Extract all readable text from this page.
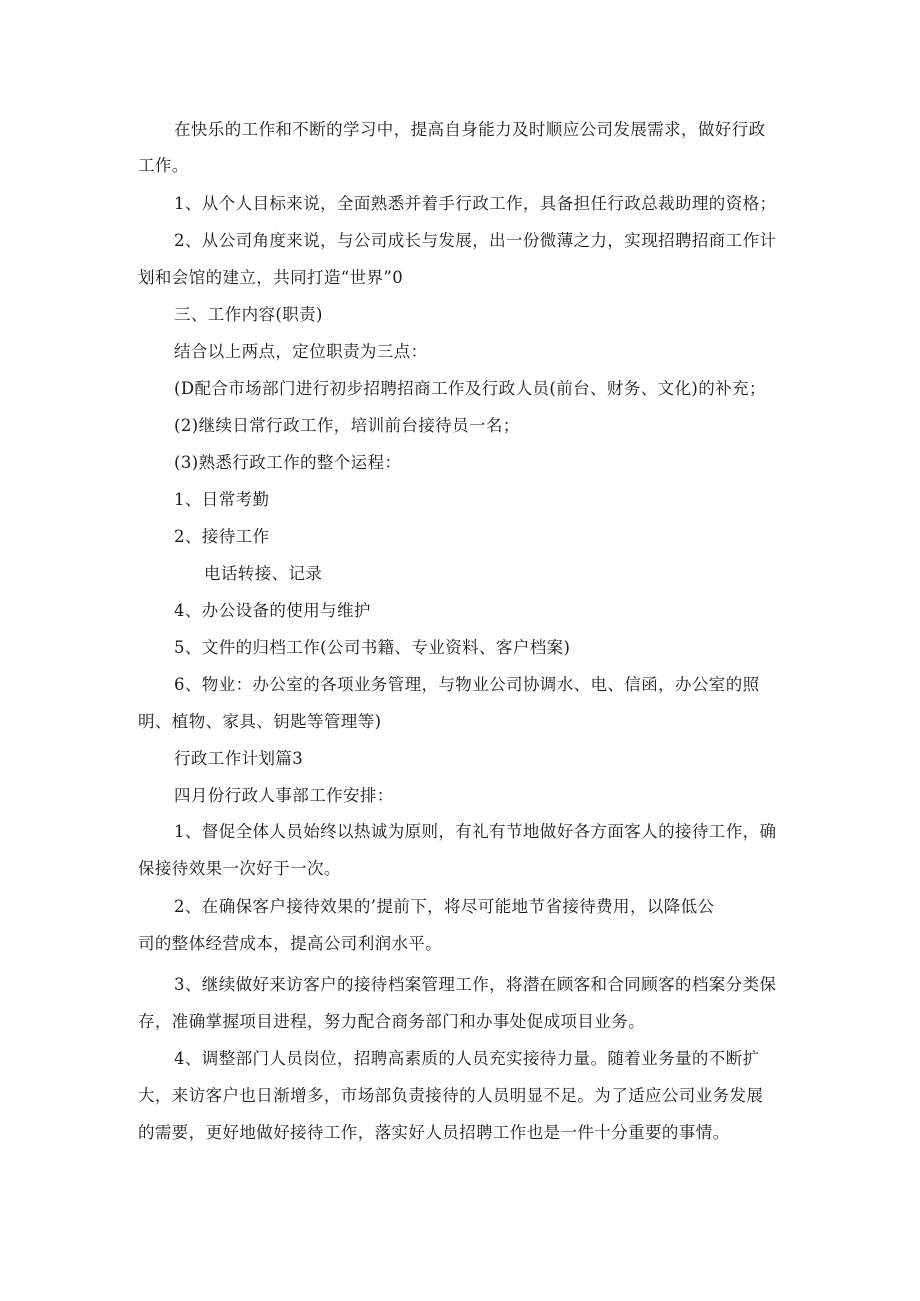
在快乐的工作和不断的学习中，提高自身能力及时顺应公司发展需求，做好行政
工作。
1、从个人目标来说，全面熟悉并着手行政工作，具备担任行政总裁助理的资格；
2、从公司角度来说，与公司成长与发展，出一份微薄之力，实现招聘招商工作计
划和会馆的建立，共同打造“世界”0
三、工作内容(职责)
结合以上两点，定位职责为三点：
(D配合市场部门进行初步招聘招商工作及行政人员(前台、财务、文化)的补充；
(2)继续日常行政工作，培训前台接待员一名；
(3)熟悉行政工作的整个运程：
1、日常考勤
2、接待工作
电话转接、记录
4、办公设备的使用与维护
5、文件的归档工作(公司书籍、专业资料、客户档案)
6、物业：办公室的各项业务管理，与物业公司协调水、电、信函，办公室的照
明、植物、家具、钥匙等管理等)
行政工作计划篇3
四月份行政人事部工作安排：
1、督促全体人员始终以热诚为原则，有礼有节地做好各方面客人的接待工作，确
保接待效果一次好于一次。
2、在确保客户接待效果的’提前下，将尽可能地节省接待费用，以降低公
司的整体经营成本，提高公司利润水平。
3、继续做好来访客户的接待档案管理工作，将潜在顾客和合同顾客的档案分类保
存，准确掌握项目进程，努力配合商务部门和办事处促成项目业务。
4、调整部门人员岗位，招聘高素质的人员充实接待力量。随着业务量的不断扩
大，来访客户也日渐增多，市场部负责接待的人员明显不足。为了适应公司业务发展
的需要，更好地做好接待工作，落实好人员招聘工作也是一件十分重要的事情。
